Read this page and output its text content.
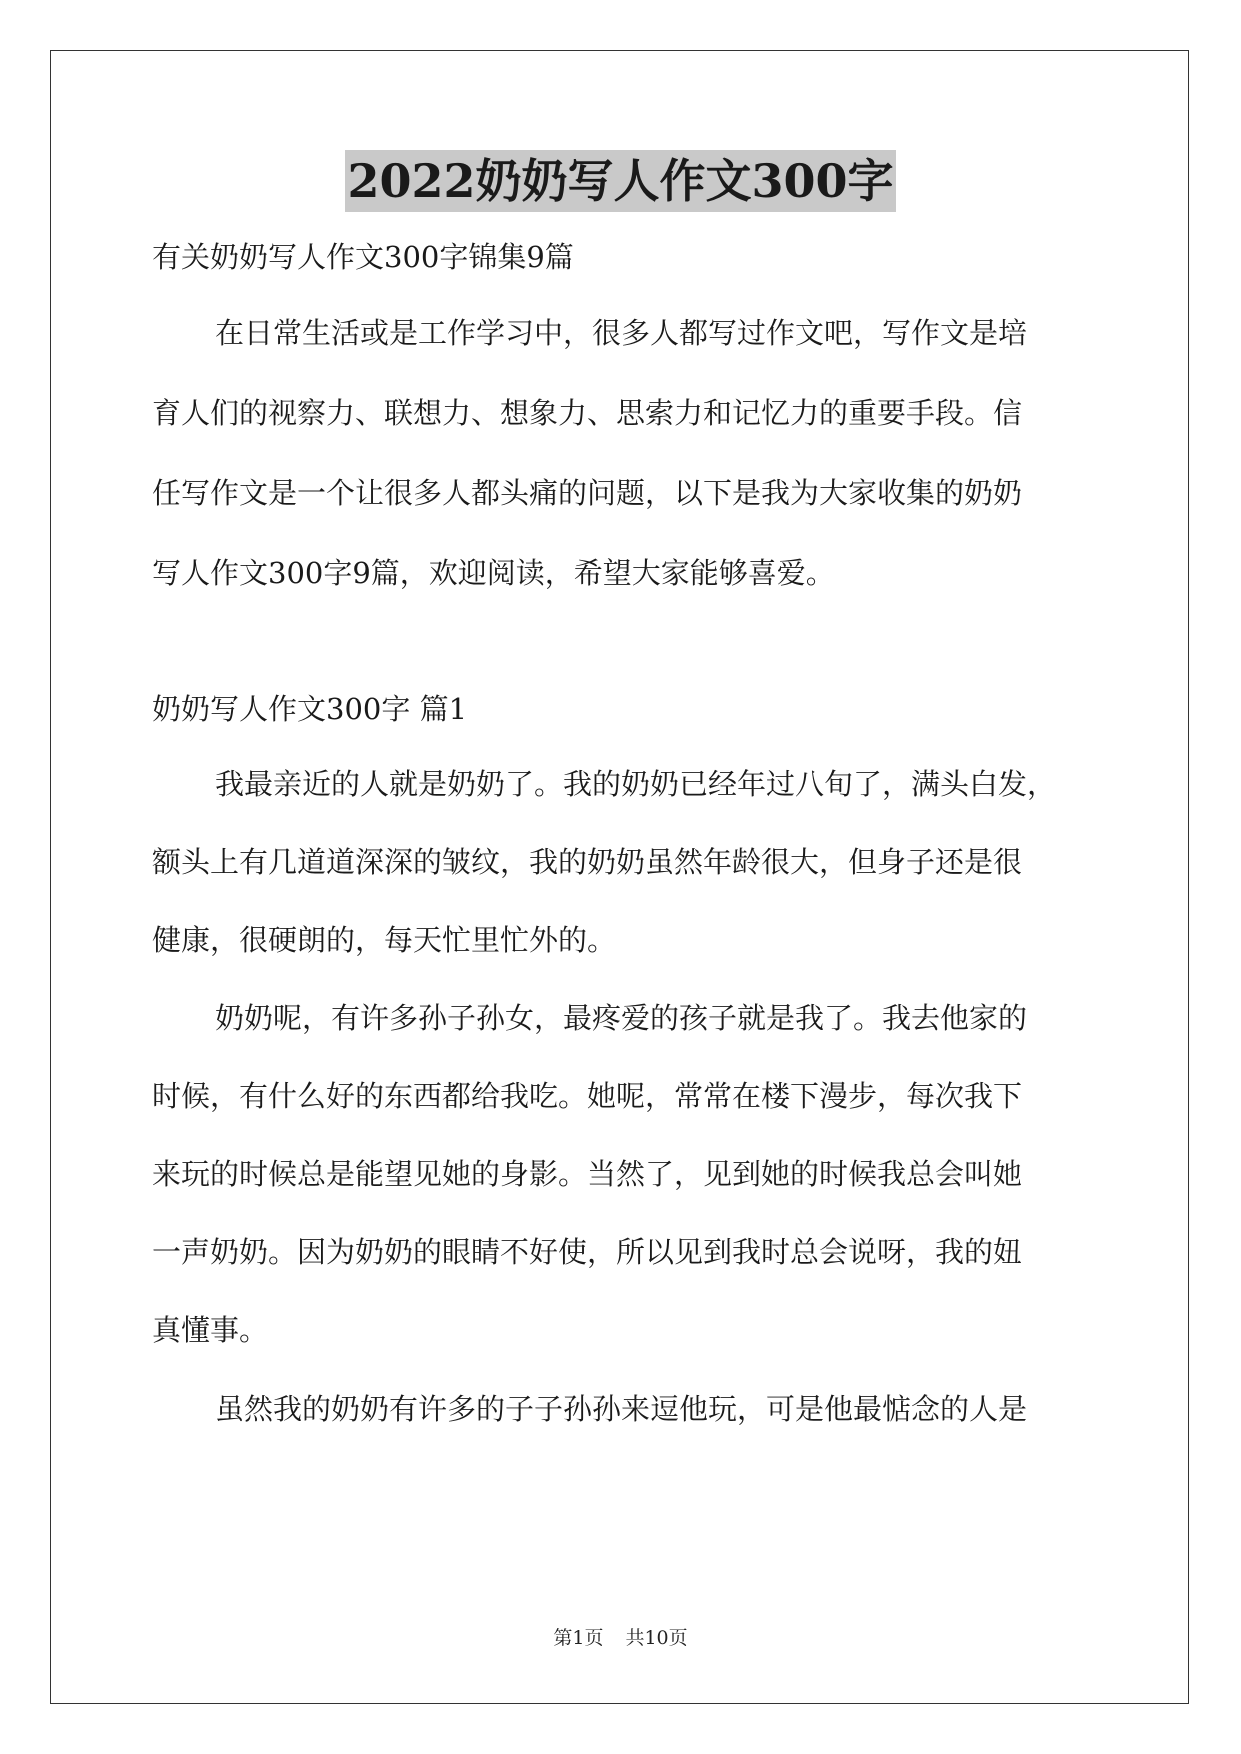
2022奶奶写人作文300字
有关奶奶写人作文300字锦集9篇
在日常生活或是工作学习中，很多人都写过作文吧，写作文是培
育人们的视察力、联想力、想象力、思索力和记忆力的重要手段。信
任写作文是一个让很多人都头痛的问题，以下是我为大家收集的奶奶
写人作文300字9篇，欢迎阅读，希望大家能够喜爱。
奶奶写人作文300字 篇1
我最亲近的人就是奶奶了。我的奶奶已经年过八旬了，满头白发，
额头上有几道道深深的皱纹，我的奶奶虽然年龄很大，但身子还是很
健康，很硬朗的，每天忙里忙外的。
奶奶呢，有许多孙子孙女，最疼爱的孩子就是我了。我去他家的
时候，有什么好的东西都给我吃。她呢，常常在楼下漫步，每次我下
来玩的时候总是能望见她的身影。当然了，见到她的时候我总会叫她
一声奶奶。因为奶奶的眼睛不好使，所以见到我时总会说呀，我的妞
真懂事。
虽然我的奶奶有许多的子子孙孙来逗他玩，可是他最惦念的人是
第1页 共10页
